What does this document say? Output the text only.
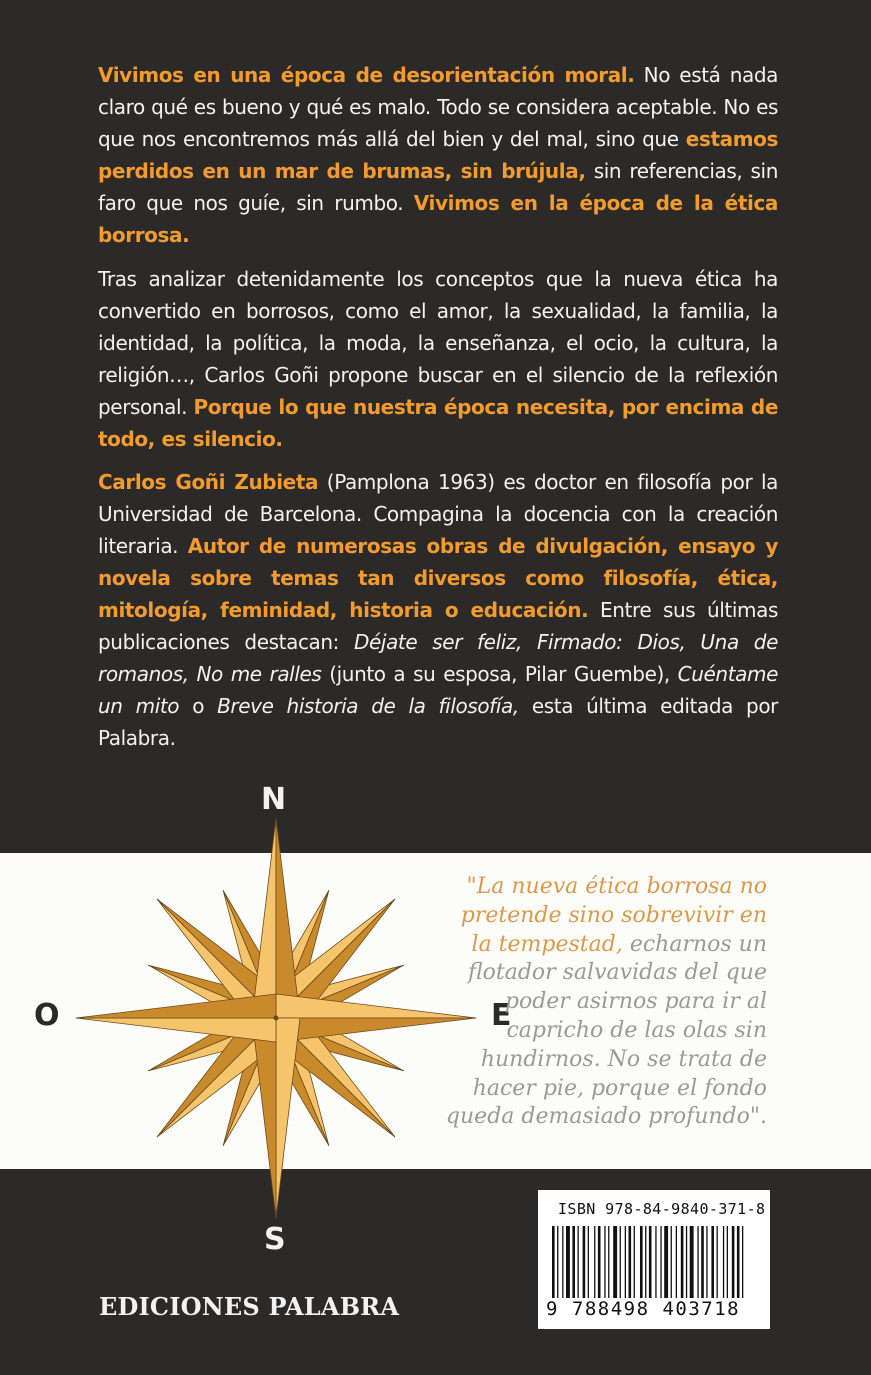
Vivimos en una época de desorientación moral. No está nada claro qué es bueno y qué es malo. Todo se considera aceptable. No es que nos encontremos más allá del bien y del mal, sino que estamos perdidos en un mar de brumas, sin brújula, sin referencias, sin faro que nos guíe, sin rumbo. Vivimos en la época de la ética borrosa.

Tras analizar detenidamente los conceptos que la nueva ética ha convertido en borrosos, como el amor, la sexualidad, la familia, la identidad, la política, la moda, la enseñanza, el ocio, la cultura, la religión…, Carlos Goñi propone buscar en el silencio de la reflexión personal. Porque lo que nuestra época necesita, por encima de todo, es silencio.

Carlos Goñi Zubieta (Pamplona 1963) es doctor en filosofía por la Universidad de Barcelona. Compagina la docencia con la creación literaria. Autor de numerosas obras de divulgación, ensayo y novela sobre temas tan diversos como filosofía, ética, mitología, feminidad, historia o educación. Entre sus últimas publicaciones destacan: Déjate ser feliz, Firmado: Dios, Una de romanos, No me ralles (junto a su esposa, Pilar Guembe), Cuéntame un mito o Breve historia de la filosofía, esta última editada por Palabra.

N
S
O	E

"La nueva ética borrosa no pretende sino sobrevivir en la tempestad, echarnos un flotador salvavidas del que poder asirnos para ir al capricho de las olas sin hundirnos. No se trata de hacer pie, porque el fondo queda demasiado profundo".

ISBN 978-84-9840-371-8
9 788498 403718
EDICIONES PALABRA
